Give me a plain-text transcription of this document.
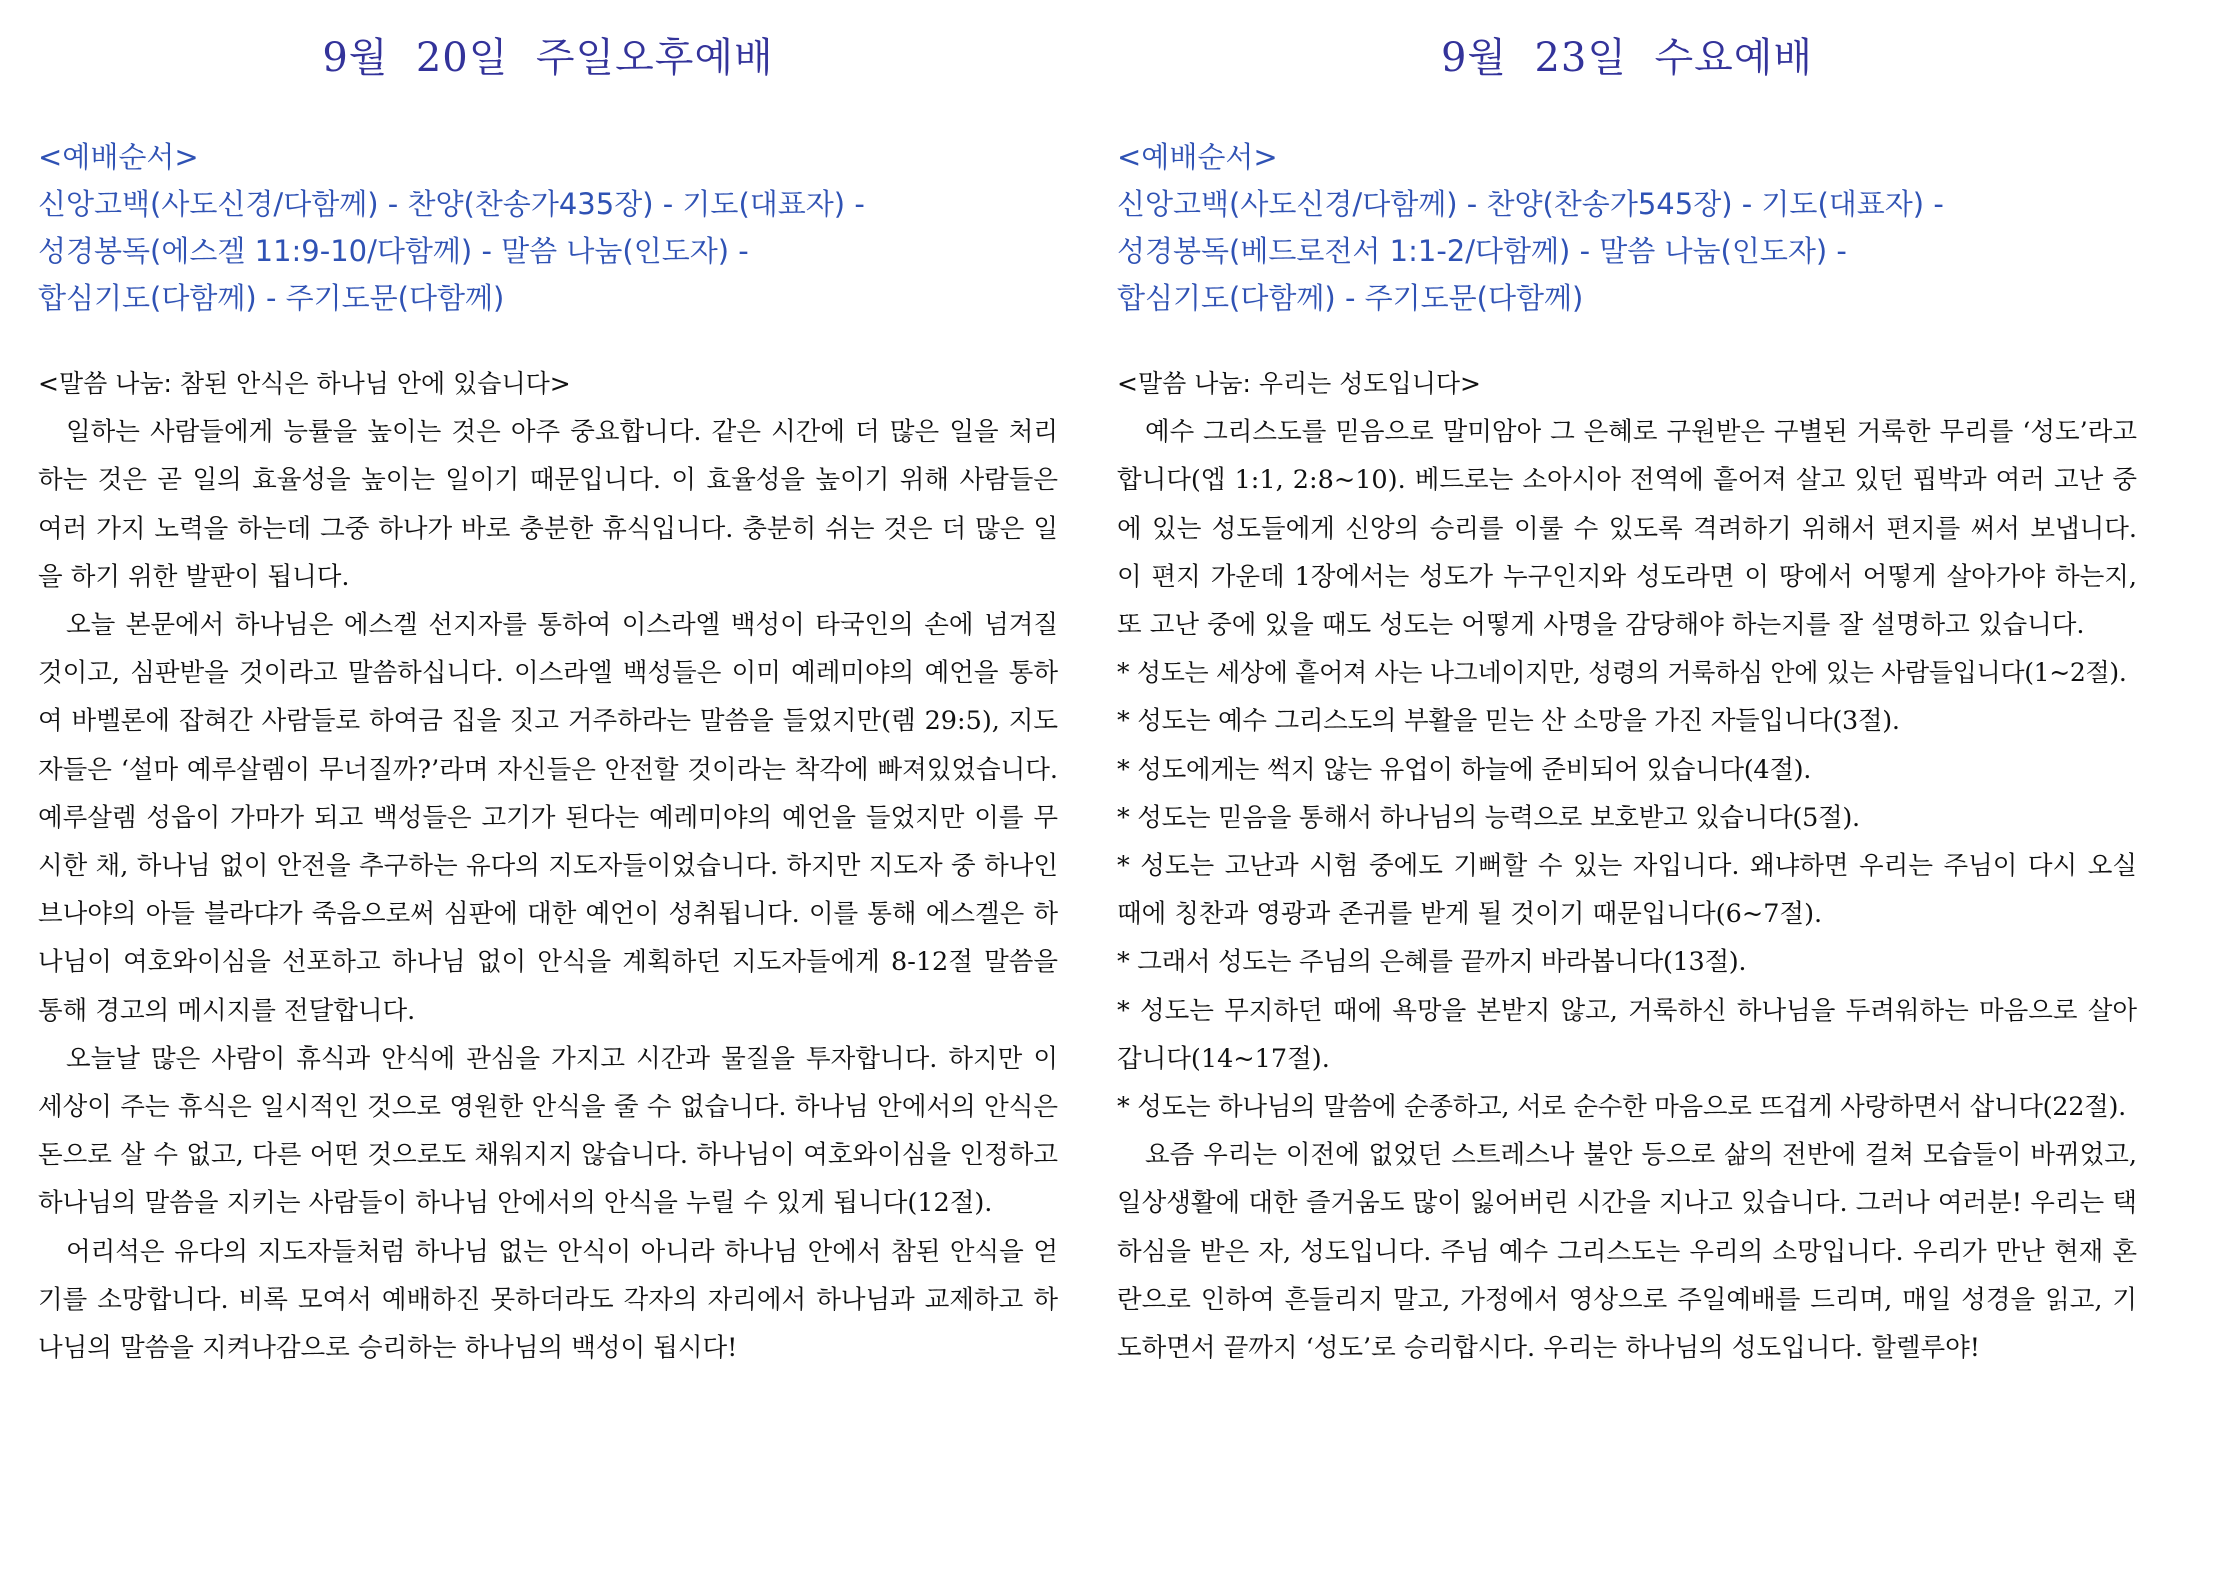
9월  20일  주일오후예배
<예배순서>
신앙고백(사도신경/다함께) - 찬양(찬송가435장) - 기도(대표자) -
성경봉독(에스겔 11:9-10/다함께) - 말씀 나눔(인도자) -
합심기도(다함께) - 주기도문(다함께)
<말씀 나눔: 참된 안식은 하나님 안에 있습니다>

일하는 사람들에게 능률을 높이는 것은 아주 중요합니다. 같은 시간에 더 많은 일을 처리하는 것은 곧 일의 효율성을 높이는 일이기 때문입니다. 이 효율성을 높이기 위해 사람들은 여러 가지 노력을 하는데 그중 하나가 바로 충분한 휴식입니다. 충분히 쉬는 것은 더 많은 일을 하기 위한 발판이 됩니다.

오늘 본문에서 하나님은 에스겔 선지자를 통하여 이스라엘 백성이 타국인의 손에 넘겨질 것이고, 심판받을 것이라고 말씀하십니다. 이스라엘 백성들은 이미 예레미야의 예언을 통하여 바벨론에 잡혀간 사람들로 하여금 집을 짓고 거주하라는 말씀을 들었지만(렘 29:5), 지도자들은 ‘설마 예루살렘이 무너질까?’라며 자신들은 안전할 것이라는 착각에 빠져있었습니다. 예루살렘 성읍이 가마가 되고 백성들은 고기가 된다는 예레미야의 예언을 들었지만 이를 무시한 채, 하나님 없이 안전을 추구하는 유다의 지도자들이었습니다. 하지만 지도자 중 하나인 브나야의 아들 블라댜가 죽음으로써 심판에 대한 예언이 성취됩니다. 이를 통해 에스겔은 하나님이 여호와이심을 선포하고 하나님 없이 안식을 계획하던 지도자들에게 8-12절 말씀을 통해 경고의 메시지를 전달합니다.

오늘날 많은 사람이 휴식과 안식에 관심을 가지고 시간과 물질을 투자합니다. 하지만 이 세상이 주는 휴식은 일시적인 것으로 영원한 안식을 줄 수 없습니다. 하나님 안에서의 안식은 돈으로 살 수 없고, 다른 어떤 것으로도 채워지지 않습니다. 하나님이 여호와이심을 인정하고 하나님의 말씀을 지키는 사람들이 하나님 안에서의 안식을 누릴 수 있게 됩니다(12절).

어리석은 유다의 지도자들처럼 하나님 없는 안식이 아니라 하나님 안에서 참된 안식을 얻기를 소망합니다. 비록 모여서 예배하진 못하더라도 각자의 자리에서 하나님과 교제하고 하나님의 말씀을 지켜나감으로 승리하는 하나님의 백성이 됩시다!

9월  23일  수요예배
<예배순서>
신앙고백(사도신경/다함께) - 찬양(찬송가545장) - 기도(대표자) -
성경봉독(베드로전서 1:1-2/다함께) - 말씀 나눔(인도자) -
합심기도(다함께) - 주기도문(다함께)
<말씀 나눔: 우리는 성도입니다>

예수 그리스도를 믿음으로 말미암아 그 은혜로 구원받은 구별된 거룩한 무리를 ‘성도’라고 합니다(엡 1:1, 2:8~10). 베드로는 소아시아 전역에 흩어져 살고 있던 핍박과 여러 고난 중에 있는 성도들에게 신앙의 승리를 이룰 수 있도록 격려하기 위해서 편지를 써서 보냅니다. 이 편지 가운데 1장에서는 성도가 누구인지와 성도라면 이 땅에서 어떻게 살아가야 하는지, 또 고난 중에 있을 때도 성도는 어떻게 사명을 감당해야 하는지를 잘 설명하고 있습니다.

* 성도는 세상에 흩어져 사는 나그네이지만, 성령의 거룩하심 안에 있는 사람들입니다(1~2절).

* 성도는 예수 그리스도의 부활을 믿는 산 소망을 가진 자들입니다(3절).

* 성도에게는 썩지 않는 유업이 하늘에 준비되어 있습니다(4절).

* 성도는 믿음을 통해서 하나님의 능력으로 보호받고 있습니다(5절).

* 성도는 고난과 시험 중에도 기뻐할 수 있는 자입니다. 왜냐하면 우리는 주님이 다시 오실 때에 칭찬과 영광과 존귀를 받게 될 것이기 때문입니다(6~7절).

* 그래서 성도는 주님의 은혜를 끝까지 바라봅니다(13절).

* 성도는 무지하던 때에 욕망을 본받지 않고, 거룩하신 하나님을 두려워하는 마음으로 살아갑니다(14~17절).

* 성도는 하나님의 말씀에 순종하고, 서로 순수한 마음으로 뜨겁게 사랑하면서 삽니다(22절).

요즘 우리는 이전에 없었던 스트레스나 불안 등으로 삶의 전반에 걸쳐 모습들이 바뀌었고, 일상생활에 대한 즐거움도 많이 잃어버린 시간을 지나고 있습니다. 그러나 여러분! 우리는 택하심을 받은 자, 성도입니다. 주님 예수 그리스도는 우리의 소망입니다. 우리가 만난 현재 혼란으로 인하여 흔들리지 말고, 가정에서 영상으로 주일예배를 드리며, 매일 성경을 읽고, 기도하면서 끝까지 ‘성도’로 승리합시다. 우리는 하나님의 성도입니다. 할렐루야!
